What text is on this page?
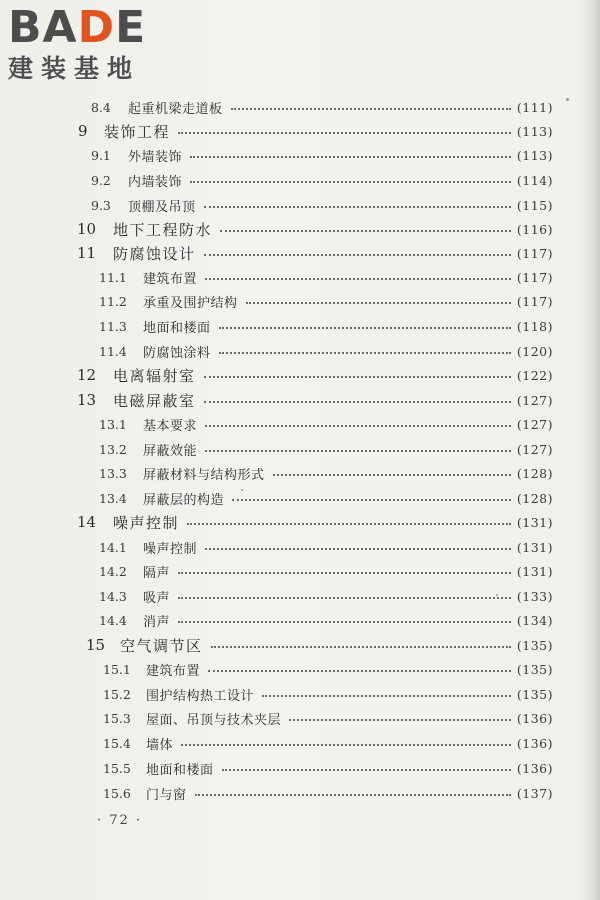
BADE
建装基地
8.4	起重机梁走道板	(111)
9	装饰工程	(113)
9.1	外墙装饰	(113)
9.2	内墙装饰	(114)
9.3	顶棚及吊顶	(115)
10	地下工程防水	(116)
11	防腐蚀设计	(117)
11.1	建筑布置	(117)
11.2	承重及围护结构	(117)
11.3	地面和楼面	(118)
11.4	防腐蚀涂料	(120)
12	电离辐射室	(122)
13	电磁屏蔽室	(127)
13.1	基本要求	(127)
13.2	屏蔽效能	(127)
13.3	屏蔽材料与结构形式	(128)
13.4	屏蔽层的构造	(128)
14	噪声控制	(131)
14.1	噪声控制	(131)
14.2	隔声	(131)
14.3	吸声	(133)
14.4	消声	(134)
15 空气调节区	(135)
15.1	建筑布置	(135)
15.2	围护结构热工设计	(135)
15.3	屋面、吊顶与技术夹层	(136)
15.4	墙体	(136)
15.5	地面和楼面	(136)
15.6	门与窗	(137)
· 72 ·
